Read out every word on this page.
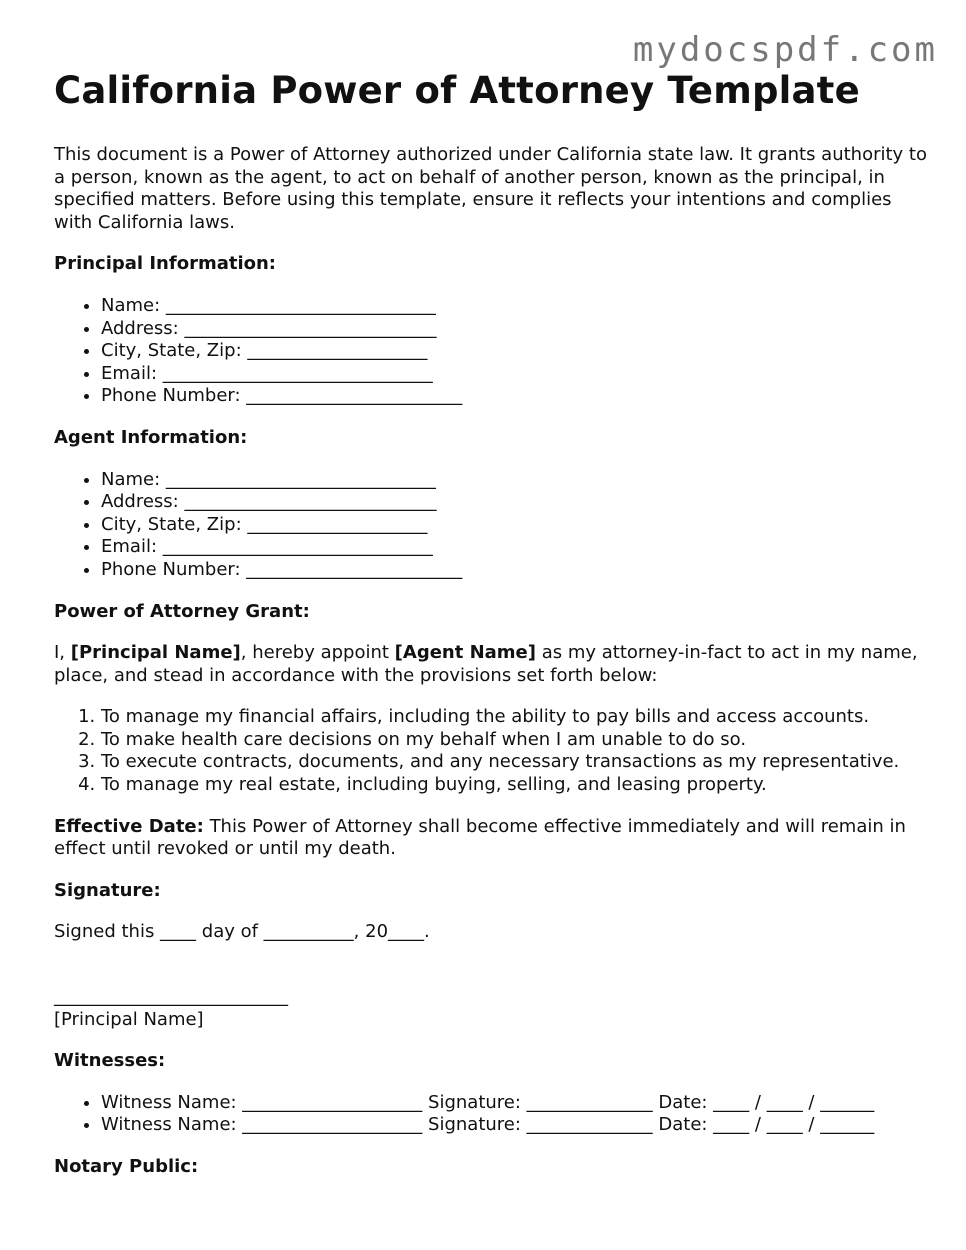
mydocspdf.com
California Power of Attorney Template

This document is a Power of Attorney authorized under California state law. It grants authority to a person, known as the agent, to act on behalf of another person, known as the principal, in specified matters. Before using this template, ensure it reflects your intentions and complies with California laws.

Principal Information:
• Name: ______________________________
• Address: ____________________________
• City, State, Zip: ____________________
• Email: ______________________________
• Phone Number: ________________________
Agent Information:
• Name: ______________________________
• Address: ____________________________
• City, State, Zip: ____________________
• Email: ______________________________
• Phone Number: ________________________
Power of Attorney Grant:

I, [Principal Name], hereby appoint [Agent Name] as my attorney-in-fact to act in my name, place, and stead in accordance with the provisions set forth below:

1. To manage my financial affairs, including the ability to pay bills and access accounts.
2. To make health care decisions on my behalf when I am unable to do so.
3. To execute contracts, documents, and any necessary transactions as my representative.
4. To manage my real estate, including buying, selling, and leasing property.

Effective Date: This Power of Attorney shall become effective immediately and will remain in effect until revoked or until my death.

Signature:

Signed this ____ day of __________, 20____.

__________________________
[Principal Name]

Witnesses:
• Witness Name: ____________________ Signature: ______________ Date: ____ / ____ / ______
• Witness Name: ____________________ Signature: ______________ Date: ____ / ____ / ______
Notary Public:
